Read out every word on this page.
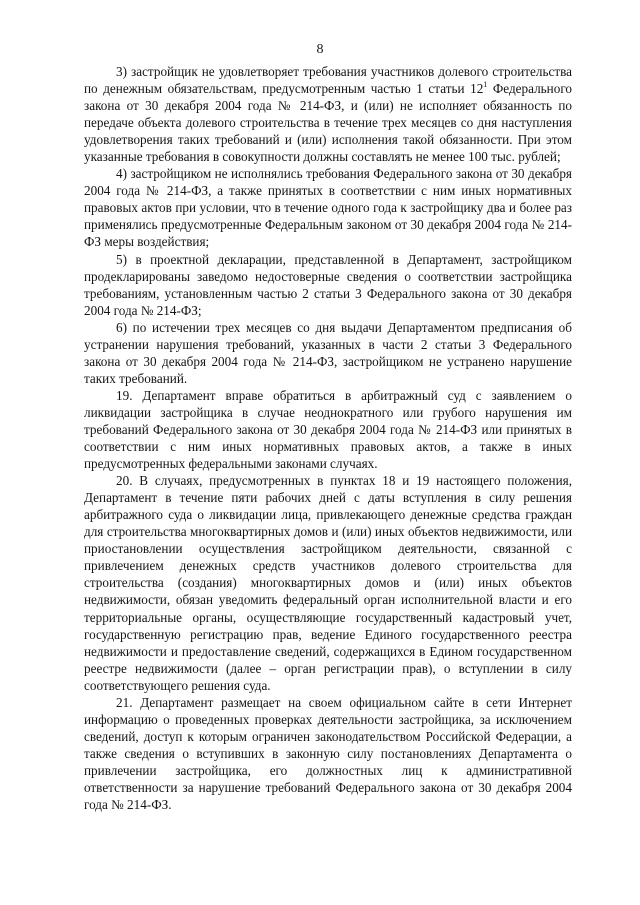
8

3) застройщик не удовлетворяет требования участников долевого строительства по денежным обязательствам, предусмотренным частью 1 статьи $12^1$ Федерального закона от 30 декабря 2004 года № 214-ФЗ, и (или) не исполняет обязанность по передаче объекта долевого строительства в течение трех месяцев со дня наступления удовлетворения таких требований и (или) исполнения такой обязанности. При этом указанные требования в совокупности должны составлять не менее 100 тыс. рублей;

4) застройщиком не исполнялись требования Федерального закона от 30 декабря 2004 года № 214-ФЗ, а также принятых в соответствии с ним иных нормативных правовых актов при условии, что в течение одного года к застройщику два и более раз применялись предусмотренные Федеральным законом от 30 декабря 2004 года № 214-ФЗ меры воздействия;

5) в проектной декларации, представленной в Департамент, застройщиком продекларированы заведомо недостоверные сведения о соответствии застройщика требованиям, установленным частью 2 статьи 3 Федерального закона от 30 декабря 2004 года № 214-ФЗ;

6) по истечении трех месяцев со дня выдачи Департаментом предписания об устранении нарушения требований, указанных в части 2 статьи 3 Федерального закона от 30 декабря 2004 года № 214-ФЗ, застройщиком не устранено нарушение таких требований.

19. Департамент вправе обратиться в арбитражный суд с заявлением о ликвидации застройщика в случае неоднократного или грубого нарушения им требований Федерального закона от 30 декабря 2004 года № 214-ФЗ или принятых в соответствии с ним иных нормативных правовых актов, а также в иных предусмотренных федеральными законами случаях.

20. В случаях, предусмотренных в пунктах 18 и 19 настоящего положения, Департамент в течение пяти рабочих дней с даты вступления в силу решения арбитражного суда о ликвидации лица, привлекающего денежные средства граждан для строительства многоквартирных домов и (или) иных объектов недвижимости, или приостановлении осуществления застройщиком деятельности, связанной с привлечением денежных средств участников долевого строительства для строительства (создания) многоквартирных домов и (или) иных объектов недвижимости, обязан уведомить федеральный орган исполнительной власти и его территориальные органы, осуществляющие государственный кадастровый учет, государственную регистрацию прав, ведение Единого государственного реестра недвижимости и предоставление сведений, содержащихся в Едином государственном реестре недвижимости (далее – орган регистрации прав), о вступлении в силу соответствующего решения суда.

21. Департамент размещает на своем официальном сайте в сети Интернет информацию о проведенных проверках деятельности застройщика, за исключением сведений, доступ к которым ограничен законодательством Российской Федерации, а также сведения о вступивших в законную силу постановлениях Департамента о привлечении застройщика, его должностных лиц к административной ответственности за нарушение требований Федерального закона от 30 декабря 2004 года № 214-ФЗ.
